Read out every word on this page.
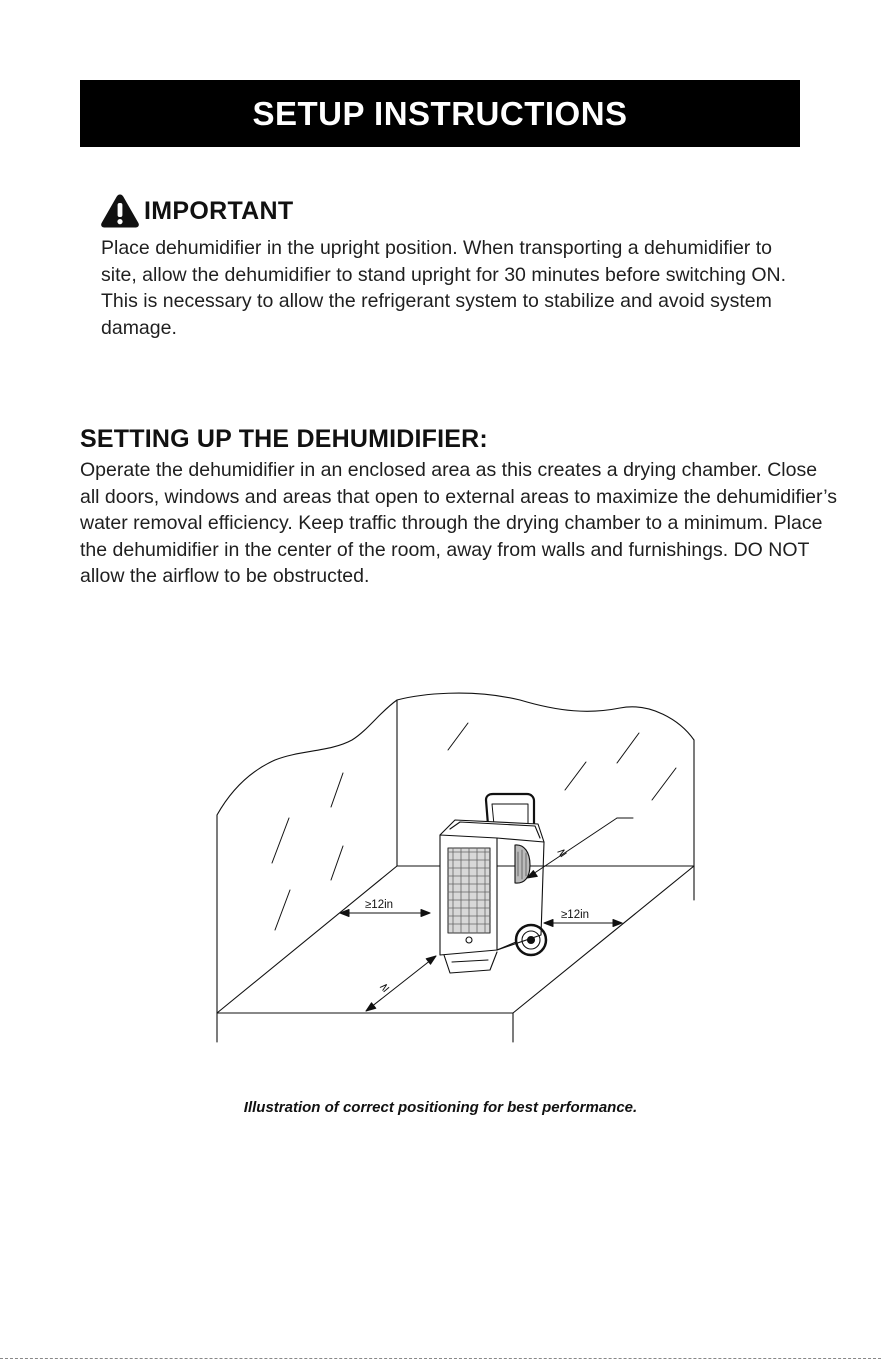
SETUP INSTRUCTIONS
IMPORTANT

Place dehumidifier in the upright position. When transporting a dehumidifier to site, allow the dehumidifier to stand upright for 30 minutes before switching ON. This is necessary to allow the refrigerant system to stabilize and avoid system damage.

SETTING UP THE DEHUMIDIFIER:

Operate the dehumidifier in an enclosed area as this creates a drying chamber. Close all doors, windows and areas that open to external areas to maximize the dehumidifier’s water removal efficiency. Keep traffic through the drying chamber to a minimum. Place the dehumidifier in the center of the room, away from walls and furnishings. DO NOT allow the airflow to be obstructed.

≥12in
≥12in
≥
≥
Illustration of correct positioning for best performance.
